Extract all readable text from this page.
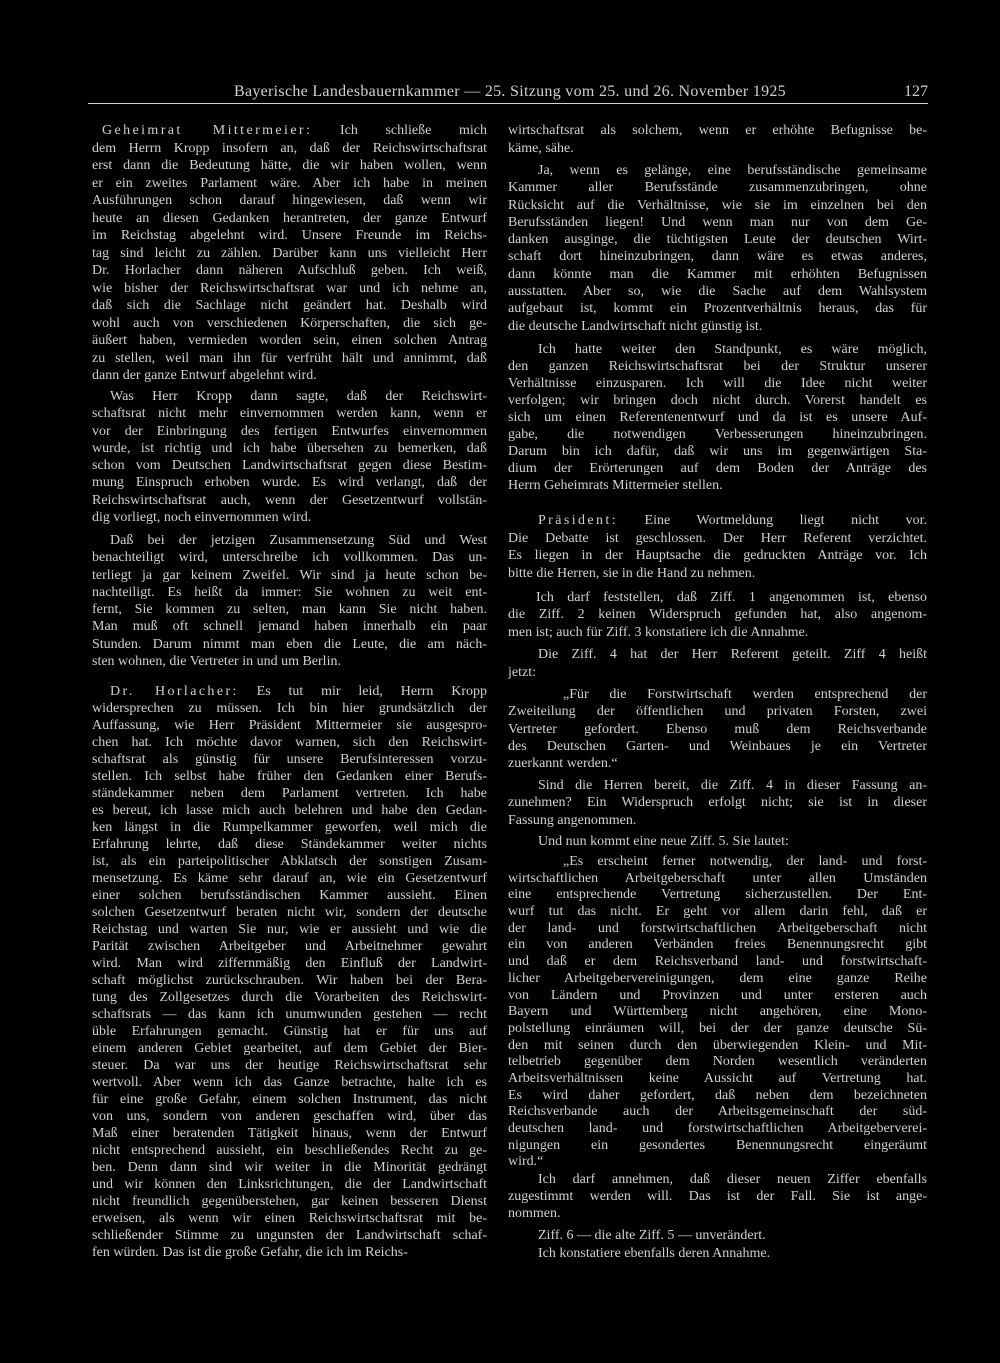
Bayerische Landesbauernkammer — 25. Sitzung vom 25. und 26. November 1925	127
Geheimrat Mittermeier: Ich schließe mich
dem Herrn Kropp insofern an, daß der Reichswirtschaftsrat
erst dann die Bedeutung hätte, die wir haben wollen, wenn
er ein zweites Parlament wäre. Aber ich habe in meinen
Ausführungen schon darauf hingewiesen, daß wenn wir
heute an diesen Gedanken herantreten, der ganze Entwurf
im Reichstag abgelehnt wird. Unsere Freunde im Reichs-
tag sind leicht zu zählen. Darüber kann uns vielleicht Herr
Dr. Horlacher dann näheren Aufschluß geben. Ich weiß,
wie bisher der Reichswirtschaftsrat war und ich nehme an,
daß sich die Sachlage nicht geändert hat. Deshalb wird
wohl auch von verschiedenen Körperschaften, die sich ge-
äußert haben, vermieden worden sein, einen solchen Antrag
zu stellen, weil man ihn für verfrüht hält und annimmt, daß
dann der ganze Entwurf abgelehnt wird.
Was Herr Kropp dann sagte, daß der Reichswirt-
schaftsrat nicht mehr einvernommen werden kann, wenn er
vor der Einbringung des fertigen Entwurfes einvernommen
wurde, ist richtig und ich habe übersehen zu bemerken, daß
schon vom Deutschen Landwirtschaftsrat gegen diese Bestim-
mung Einspruch erhoben wurde. Es wird verlangt, daß der
Reichswirtschaftsrat auch, wenn der Gesetzentwurf vollstän-
dig vorliegt, noch einvernommen wird.
Daß bei der jetzigen Zusammensetzung Süd und West
benachteiligt wird, unterschreibe ich vollkommen. Das un-
terliegt ja gar keinem Zweifel. Wir sind ja heute schon be-
nachteiligt. Es heißt da immer: Sie wohnen zu weit ent-
fernt, Sie kommen zu selten, man kann Sie nicht haben.
Man muß oft schnell jemand haben innerhalb ein paar
Stunden. Darum nimmt man eben die Leute, die am näch-
sten wohnen, die Vertreter in und um Berlin.
Dr. Horlacher: Es tut mir leid, Herrn Kropp
widersprechen zu müssen. Ich bin hier grundsätzlich der
Auffassung, wie Herr Präsident Mittermeier sie ausgespro-
chen hat. Ich möchte davor warnen, sich den Reichswirt-
schaftsrat als günstig für unsere Berufsinteressen vorzu-
stellen. Ich selbst habe früher den Gedanken einer Berufs-
ständekammer neben dem Parlament vertreten. Ich habe
es bereut, ich lasse mich auch belehren und habe den Gedan-
ken längst in die Rumpelkammer geworfen, weil mich die
Erfahrung lehrte, daß diese Ständekammer weiter nichts
ist, als ein parteipolitischer Abklatsch der sonstigen Zusam-
mensetzung. Es käme sehr darauf an, wie ein Gesetzentwurf
einer solchen berufsständischen Kammer aussieht. Einen
solchen Gesetzentwurf beraten nicht wir, sondern der deutsche
Reichstag und warten Sie nur, wie er aussieht und wie die
Parität zwischen Arbeitgeber und Arbeitnehmer gewahrt
wird. Man wird ziffernmäßig den Einfluß der Landwirt-
schaft möglichst zurückschrauben. Wir haben bei der Bera-
tung des Zollgesetzes durch die Vorarbeiten des Reichswirt-
schaftsrats — das kann ich unumwunden gestehen — recht
üble Erfahrungen gemacht. Günstig hat er für uns auf
einem anderen Gebiet gearbeitet, auf dem Gebiet der Bier-
steuer. Da war uns der heutige Reichswirtschaftsrat sehr
wertvoll. Aber wenn ich das Ganze betrachte, halte ich es
für eine große Gefahr, einem solchen Instrument, das nicht
von uns, sondern von anderen geschaffen wird, über das
Maß einer beratenden Tätigkeit hinaus, wenn der Entwurf
nicht entsprechend aussieht, ein beschließendes Recht zu ge-
ben. Denn dann sind wir weiter in die Minorität gedrängt
und wir können den Linksrichtungen, die der Landwirtschaft
nicht freundlich gegenüberstehen, gar keinen besseren Dienst
erweisen, als wenn wir einen Reichswirtschaftsrat mit be-
schließender Stimme zu ungunsten der Landwirtschaft schaf-
fen würden. Das ist die große Gefahr, die ich im Reichs-
wirtschaftsrat als solchem, wenn er erhöhte Befugnisse be-
käme, sähe.
Ja, wenn es gelänge, eine berufsständische gemeinsame
Kammer aller Berufsstände zusammenzubringen, ohne
Rücksicht auf die Verhältnisse, wie sie im einzelnen bei den
Berufsständen liegen! Und wenn man nur von dem Ge-
danken ausginge, die tüchtigsten Leute der deutschen Wirt-
schaft dort hineinzubringen, dann wäre es etwas anderes,
dann könnte man die Kammer mit erhöhten Befugnissen
ausstatten. Aber so, wie die Sache auf dem Wahlsystem
aufgebaut ist, kommt ein Prozentverhältnis heraus, das für
die deutsche Landwirtschaft nicht günstig ist.
Ich hatte weiter den Standpunkt, es wäre möglich,
den ganzen Reichswirtschaftsrat bei der Struktur unserer
Verhältnisse einzusparen. Ich will die Idee nicht weiter
verfolgen; wir bringen doch nicht durch. Vorerst handelt es
sich um einen Referentenentwurf und da ist es unsere Auf-
gabe, die notwendigen Verbesserungen hineinzubringen.
Darum bin ich dafür, daß wir uns im gegenwärtigen Sta-
dium der Erörterungen auf dem Boden der Anträge des
Herrn Geheimrats Mittermeier stellen.
Präsident: Eine Wortmeldung liegt nicht vor.
Die Debatte ist geschlossen. Der Herr Referent verzichtet.
Es liegen in der Hauptsache die gedruckten Anträge vor. Ich
bitte die Herren, sie in die Hand zu nehmen.
Ich darf feststellen, daß Ziff. 1 angenommen ist, ebenso
die Ziff. 2 keinen Widerspruch gefunden hat, also angenom-
men ist; auch für Ziff. 3 konstatiere ich die Annahme.
Die Ziff. 4 hat der Herr Referent geteilt. Ziff 4 heißt
jetzt:
„Für die Forstwirtschaft werden entsprechend der
Zweiteilung der öffentlichen und privaten Forsten, zwei
Vertreter gefordert. Ebenso muß dem Reichsverbande
des Deutschen Garten- und Weinbaues je ein Vertreter
zuerkannt werden.“
Sind die Herren bereit, die Ziff. 4 in dieser Fassung an-
zunehmen? Ein Widerspruch erfolgt nicht; sie ist in dieser
Fassung angenommen.
Und nun kommt eine neue Ziff. 5. Sie lautet:
„Es erscheint ferner notwendig, der land- und forst-
wirtschaftlichen Arbeitgeberschaft unter allen Umständen
eine entsprechende Vertretung sicherzustellen. Der Ent-
wurf tut das nicht. Er geht vor allem darin fehl, daß er
der land- und forstwirtschaftlichen Arbeitgeberschaft nicht
ein von anderen Verbänden freies Benennungsrecht gibt
und daß er dem Reichsverband land- und forstwirtschaft-
licher Arbeitgebervereinigungen, dem eine ganze Reihe
von Ländern und Provinzen und unter ersteren auch
Bayern und Württemberg nicht angehören, eine Mono-
polstellung einräumen will, bei der der ganze deutsche Sü-
den mit seinen durch den überwiegenden Klein- und Mit-
telbetrieb gegenüber dem Norden wesentlich veränderten
Arbeitsverhältnissen keine Aussicht auf Vertretung hat.
Es wird daher gefordert, daß neben dem bezeichneten
Reichsverbande auch der Arbeitsgemeinschaft der süd-
deutschen land- und forstwirtschaftlichen Arbeitgeberverei-
nigungen ein gesondertes Benennungsrecht eingeräumt
wird.“
Ich darf annehmen, daß dieser neuen Ziffer ebenfalls
zugestimmt werden will. Das ist der Fall. Sie ist ange-
nommen.
Ziff. 6 — die alte Ziff. 5 — unverändert.
Ich konstatiere ebenfalls deren Annahme.
